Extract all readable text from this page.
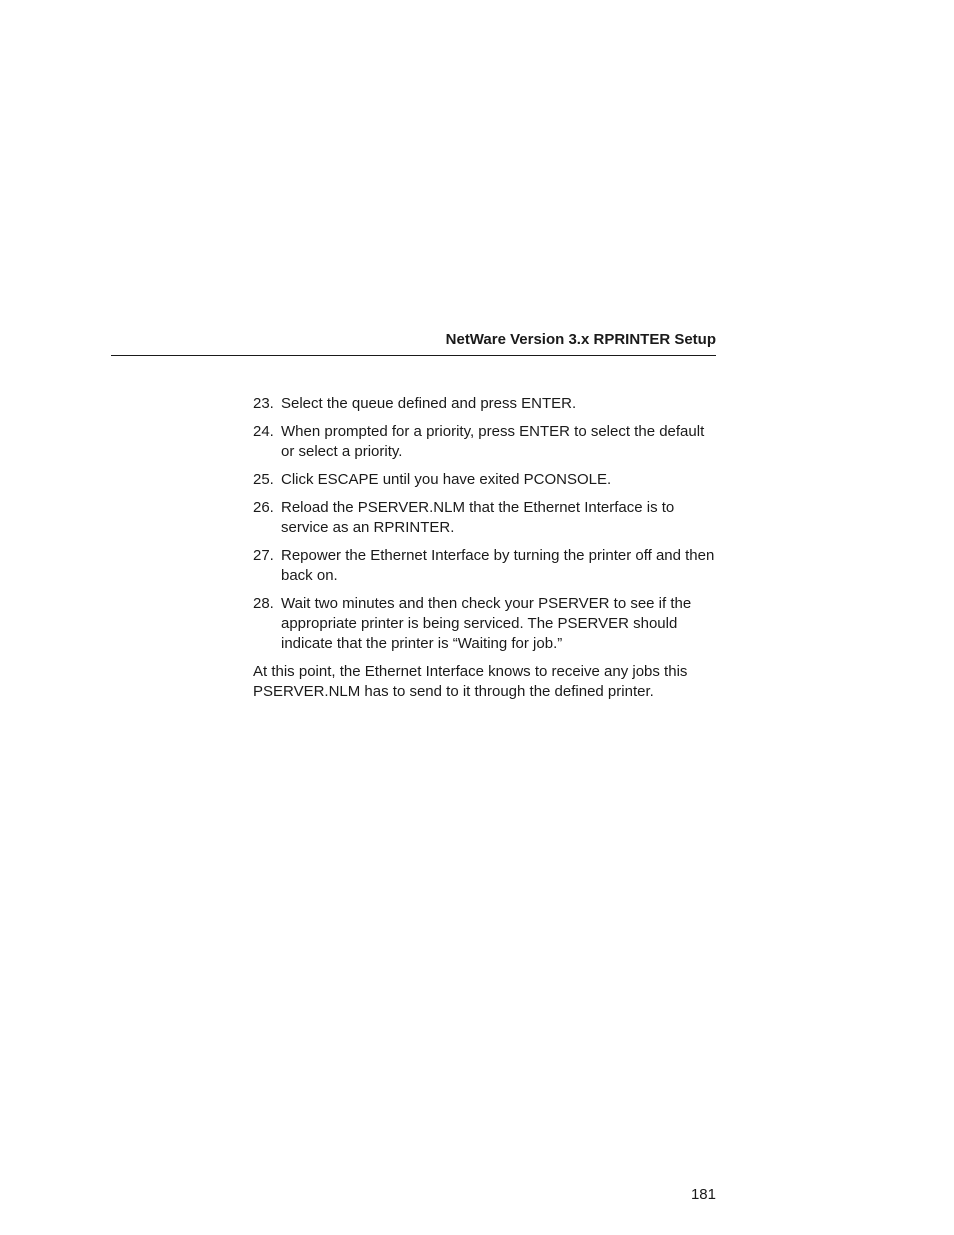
NetWare Version 3.x RPRINTER Setup
23. Select the queue defined and press ENTER.
24. When prompted for a priority, press ENTER to select the default or select a priority.
25. Click ESCAPE until you have exited PCONSOLE.
26. Reload the PSERVER.NLM that the Ethernet Interface is to service as an RPRINTER.
27. Repower the Ethernet Interface by turning the printer off and then back on.
28. Wait two minutes and then check your PSERVER to see if the appropriate printer is being serviced. The PSERVER should indicate that the printer is “Waiting for job.”

At this point, the Ethernet Interface knows to receive any jobs this PSERVER.NLM has to send to it through the defined printer.

181
